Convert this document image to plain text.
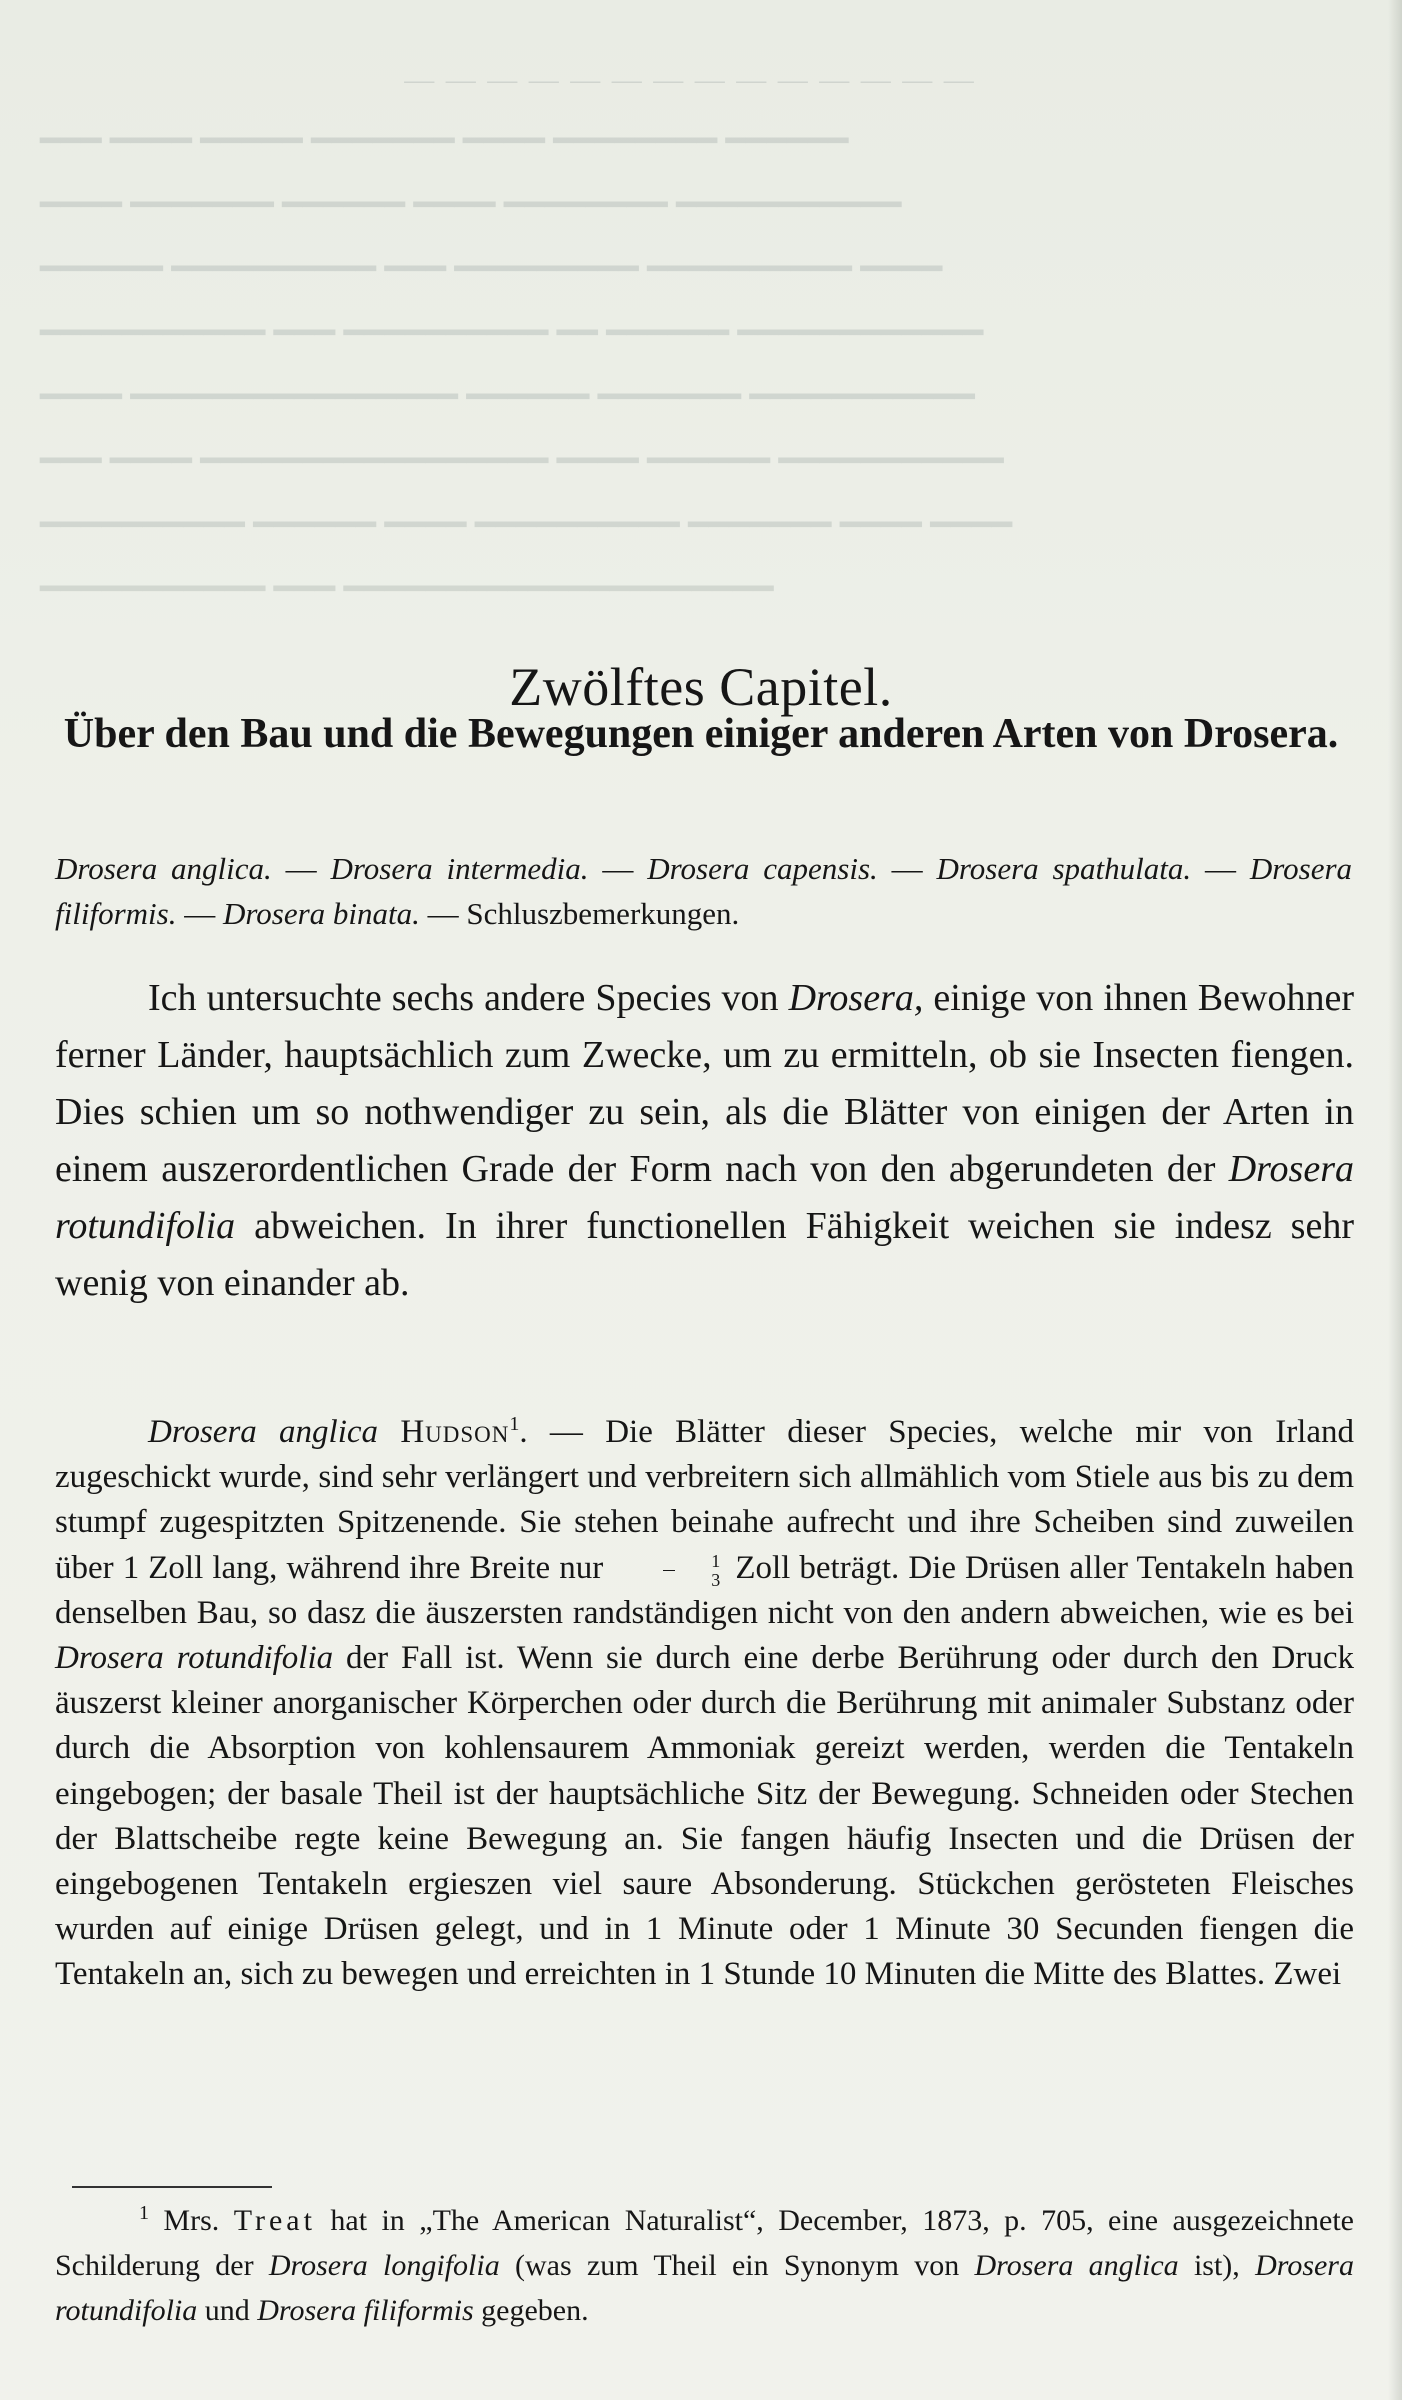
— — — — — — — — — — — — — —
━━━ ━━━━ ━━━━━ ━━━━━━━ ━━━━ ━━━━━━━━ ━━━━━━
━━━━ ━━━━━━━ ━━━━━━ ━━━━ ━━━━━━━━ ━━━━━━━━━━━
━━━━━━ ━━━━━━━━━━ ━━━ ━━━━━━━━━ ━━━━━━━━━━ ━━━━
━━━━━━━━━━━ ━━━ ━━━━━━━━━━ ━━ ━━━━━━ ━━━━━━━━━━━━
━━━━ ━━━━━━━━━━━━━━━━ ━━━━━━ ━━━━━━━ ━━━━━━━━━━━
━━━ ━━━━ ━━━━━━━━━━━━━━━━━ ━━━━ ━━━━━━ ━━━━━━━━━━━
━━━━━━━━━━ ━━━━━━ ━━━━ ━━━━━━━━━━ ━━━━━━━ ━━━━ ━━━━
━━━━━━━━━━━ ━━━ ━━━━━━━━━━━━━━━━━━━━━
Zwölftes Capitel.
Über den Bau und die Bewegungen einiger anderen Arten von Drosera.
Drosera anglica. — Drosera intermedia. — Drosera capensis. — Drosera spathulata. — Drosera filiformis. — Drosera binata. — Schluszbemerkungen.

Ich untersuchte sechs andere Species von Drosera, einige von ihnen Bewohner ferner Länder, hauptsächlich zum Zwecke, um zu ermitteln, ob sie Insecten fiengen. Dies schien um so nothwendiger zu sein, als die Blätter von einigen der Arten in einem auszerordentlichen Grade der Form nach von den abgerundeten der Drosera rotundifolia abweichen. In ihrer functionellen Fähigkeit weichen sie indesz sehr wenig von einander ab.

Drosera anglica Hudson$^1$. — Die Blätter dieser Species, welche mir von Irland zugeschickt wurde, sind sehr verlängert und verbreitern sich allmählich vom Stiele aus bis zu dem stumpf zugespitzten Spitzenende. Sie stehen beinahe aufrecht und ihre Scheiben sind zuweilen über 1 Zoll lang, während ihre Breite nur $\frac{1}{3}$ Zoll beträgt. Die Drüsen aller Tentakeln haben denselben Bau, so dasz die äuszersten randständigen nicht von den andern abweichen, wie es bei Drosera rotundifolia der Fall ist. Wenn sie durch eine derbe Berührung oder durch den Druck äuszerst kleiner anorganischer Körperchen oder durch die Berührung mit animaler Substanz oder durch die Absorption von kohlensaurem Ammoniak gereizt werden, werden die Tentakeln eingebogen; der basale Theil ist der hauptsächliche Sitz der Bewegung. Schneiden oder Stechen der Blattscheibe regte keine Bewegung an. Sie fangen häufig Insecten und die Drüsen der eingebogenen Tentakeln ergieszen viel saure Absonderung. Stückchen gerösteten Fleisches wurden auf einige Drüsen gelegt, und in 1 Minute oder 1 Minute 30 Secunden fiengen die Tentakeln an, sich zu bewegen und erreichten in 1 Stunde 10 Minuten die Mitte des Blattes. Zwei

$^1$ Mrs. Treat hat in „The American Naturalist“, December, 1873, p. 705, eine ausgezeichnete Schilderung der Drosera longifolia (was zum Theil ein Synonym von Drosera anglica ist), Drosera rotundifolia und Drosera filiformis gegeben.
